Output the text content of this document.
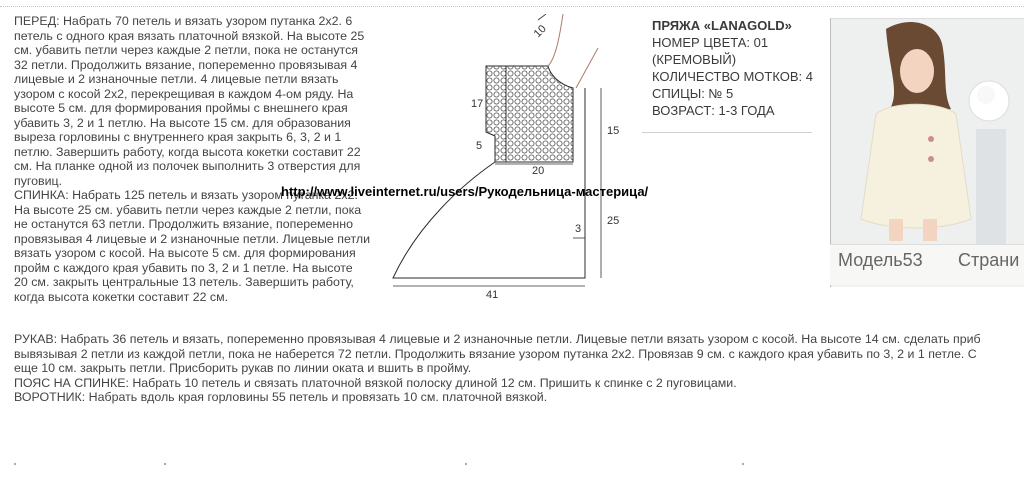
ПЕРЕД: Набрать 70 петель и вязать узором путанка 2х2. 6

петель с одного края вязать платочной вязкой. На высоте 25

см. убавить петли через каждые 2 петли, пока не останутся

32 петли. Продолжить вязание, попеременно провязывая 4

лицевые и 2 изнаночные петли. 4 лицевые петли вязать

узором с косой 2х2, перекрещивая в каждом 4-ом ряду. На

высоте 5 см. для формирования проймы с внешнего края

убавить 3, 2 и 1 петлю. На высоте 15 см. для образования

выреза горловины с внутреннего края закрыть 6, 3, 2 и 1

петлю. Завершить работу, когда высота кокетки составит 22

см. На планке одной из полочек выполнить 3 отверстия для

пуговиц.

СПИНКА: Набрать 125 петель и вязать узором путанка 2х2.

На высоте 25 см. убавить петли через каждые 2 петли, пока

не останутся 63 петли. Продолжить вязание, попеременно

провязывая 4 лицевые и 2 изнаночные петли. Лицевые петли

вязать узором с косой. На высоте 5 см. для формирования

пройм с каждого края убавить по 3, 2 и 1 петле. На высоте

20 см. закрыть центральные 13 петель. Завершить работу,

когда высота кокетки составит 22 см.

РУКАВ: Набрать 36 петель и вязать, попеременно провязывая 4 лицевые и 2 изнаночные петли. Лицевые петли вязать узором с косой. На высоте 14 см. сделать приб

вывязывая 2 петли из каждой петли, пока не наберется 72 петли. Продолжить вязание узором путанка 2х2. Провязав 9 см. с каждого края убавить по 3, 2 и 1 петле. С

еще 10 см. закрыть петли. Присборить рукав по линии оката и вшить в пройму.

ПОЯС НА СПИНКЕ: Набрать 10 петель и связать платочной вязкой полоску длиной 12 см. Пришить к спинке с 2 пуговицами.

ВОРОТНИК: Набрать вдоль края горловины 55 петель и провязать 10 см. платочной вязкой.

10
17
5
20
15
25
3
41
http://www.liveinternet.ru/users/Рукодельница-мастерица/

ПРЯЖА «LANAGOLD»

НОМЕР ЦВЕТА: 01

(КРЕМОВЫЙ)

КОЛИЧЕСТВО МОТКОВ: 4

СПИЦЫ: № 5

ВОЗРАСТ: 1-3 ГОДА

Модель53 Страни
